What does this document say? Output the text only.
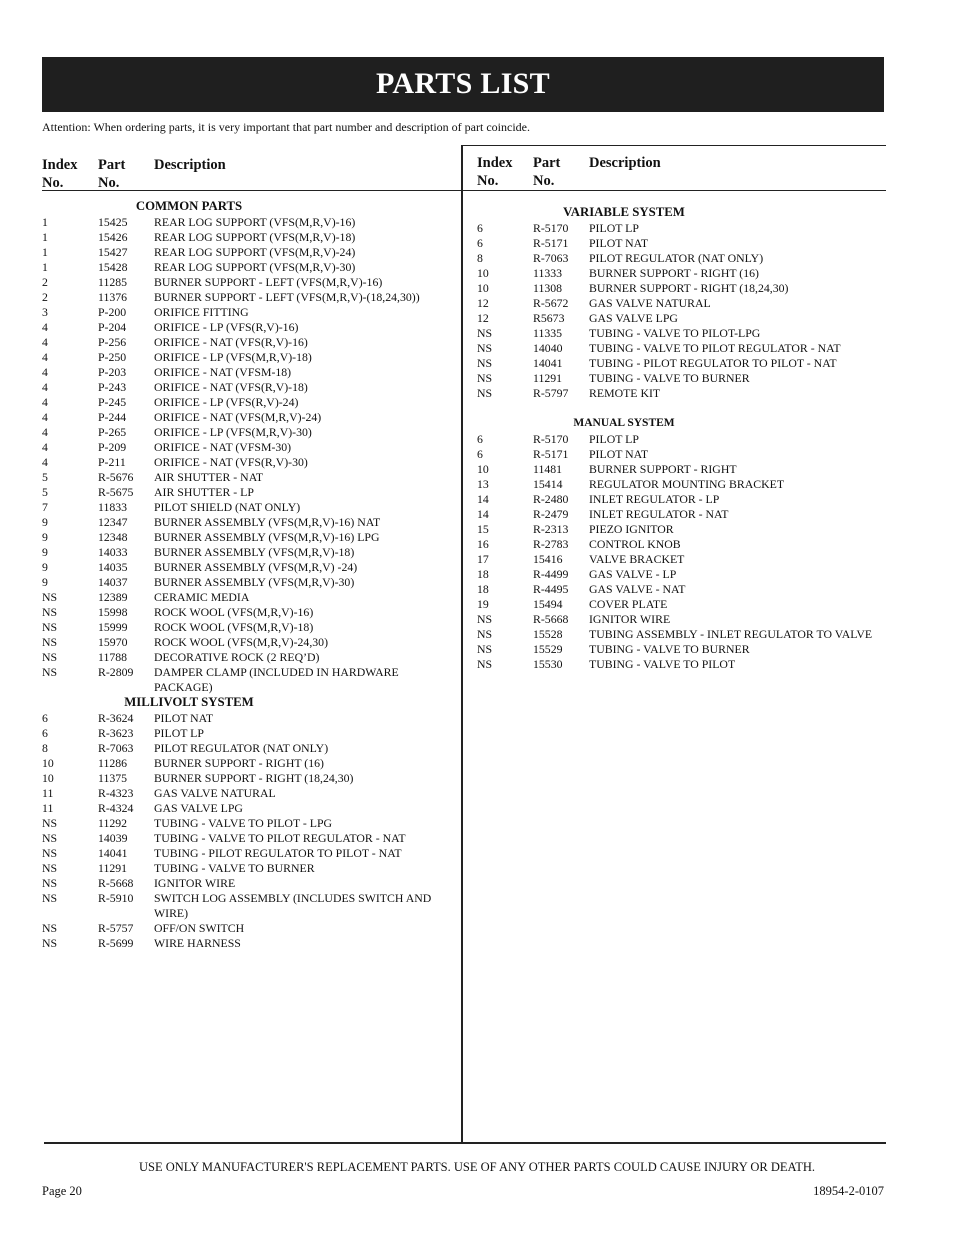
PARTS LIST
Attention: When ordering parts, it is very important that part number and description of part coincide.
Index
No.
Part
No.
Description
COMMON PARTS
1	15425 REAR LOG SUPPORT (VFS(M,R,V)-16)
1	15426 REAR LOG SUPPORT (VFS(M,R,V)-18)
1	15427 REAR LOG SUPPORT (VFS(M,R,V)-24)
1	15428 REAR LOG SUPPORT (VFS(M,R,V)-30)
2	11285 BURNER SUPPORT - LEFT (VFS(M,R,V)-16)
2	11376 BURNER SUPPORT - LEFT (VFS(M,R,V)-(18,24,30))
3	P-200 ORIFICE FITTING
4	P-204 ORIFICE - LP (VFS(R,V)-16)
4	P-256 ORIFICE - NAT (VFS(R,V)-16)
4	P-250 ORIFICE - LP (VFS(M,R,V)-18)
4	P-203 ORIFICE - NAT (VFSM-18)
4	P-243 ORIFICE - NAT (VFS(R,V)-18)
4	P-245 ORIFICE - LP (VFS(R,V)-24)
4	P-244 ORIFICE - NAT (VFS(M,R,V)-24)
4	P-265 ORIFICE - LP (VFS(M,R,V)-30)
4	P-209 ORIFICE - NAT (VFSM-30)
4	P-211 ORIFICE - NAT (VFS(R,V)-30)
5	R-5676 AIR SHUTTER - NAT
5	R-5675 AIR SHUTTER - LP
7	11833 PILOT SHIELD (NAT ONLY)
9	12347 BURNER ASSEMBLY (VFS(M,R,V)-16) NAT
9	12348 BURNER ASSEMBLY (VFS(M,R,V)-16) LPG
9	14033 BURNER ASSEMBLY (VFS(M,R,V)-18)
9	14035 BURNER ASSEMBLY (VFS(M,R,V) -24)
9	14037 BURNER ASSEMBLY (VFS(M,R,V)-30)
NS	12389 CERAMIC MEDIA
NS	15998 ROCK WOOL (VFS(M,R,V)-16)
NS	15999 ROCK WOOL (VFS(M,R,V)-18)
NS	15970 ROCK WOOL (VFS(M,R,V)-24,30)
NS	11788 DECORATIVE ROCK (2 REQ’D)
NS	R-2809 DAMPER CLAMP (INCLUDED IN HARDWARE PACKAGE)
MILLIVOLT SYSTEM
6	R-3624 PILOT NAT
6	R-3623 PILOT LP
8	R-7063 PILOT REGULATOR (NAT ONLY)
10	11286 BURNER SUPPORT - RIGHT (16)
10	11375 BURNER SUPPORT - RIGHT (18,24,30)
11	R-4323 GAS VALVE NATURAL
11	R-4324 GAS VALVE LPG
NS	11292 TUBING - VALVE TO PILOT - LPG
NS	14039 TUBING - VALVE TO PILOT REGULATOR - NAT
NS	14041 TUBING - PILOT REGULATOR TO PILOT - NAT
NS	11291 TUBING - VALVE TO BURNER
NS	R-5668 IGNITOR WIRE
NS	R-5910 SWITCH LOG ASSEMBLY (INCLUDES SWITCH AND WIRE)
NS	R-5757 OFF/ON SWITCH
NS	R-5699 WIRE HARNESS
Index
No.
Part
No.
Description
VARIABLE SYSTEM
6	R-5170 PILOT LP
6	R-5171 PILOT NAT
8	R-7063 PILOT REGULATOR (NAT ONLY)
10	11333 BURNER SUPPORT - RIGHT (16)
10	11308 BURNER SUPPORT - RIGHT (18,24,30)
12	R-5672 GAS VALVE NATURAL
12	R5673 GAS VALVE LPG
NS	11335 TUBING - VALVE TO PILOT-LPG
NS	14040 TUBING - VALVE TO PILOT REGULATOR - NAT
NS	14041 TUBING - PILOT REGULATOR TO PILOT - NAT
NS	11291 TUBING - VALVE TO BURNER
NS	R-5797 REMOTE KIT
MANUAL SYSTEM
6	R-5170 PILOT LP
6	R-5171 PILOT NAT
10	11481 BURNER SUPPORT - RIGHT
13	15414 REGULATOR MOUNTING BRACKET
14	R-2480 INLET REGULATOR - LP
14	R-2479 INLET REGULATOR - NAT
15	R-2313 PIEZO IGNITOR
16	R-2783 CONTROL KNOB
17	15416 VALVE BRACKET
18	R-4499 GAS VALVE - LP
18	R-4495 GAS VALVE - NAT
19	15494 COVER PLATE
NS	R-5668 IGNITOR WIRE
NS	15528 TUBING ASSEMBLY - INLET REGULATOR TO VALVE
NS	15529 TUBING - VALVE TO BURNER
NS	15530 TUBING - VALVE TO PILOT
USE ONLY MANUFACTURER'S REPLACEMENT PARTS. USE OF ANY OTHER PARTS COULD CAUSE INJURY OR DEATH.
Page 20	18954-2-0107
